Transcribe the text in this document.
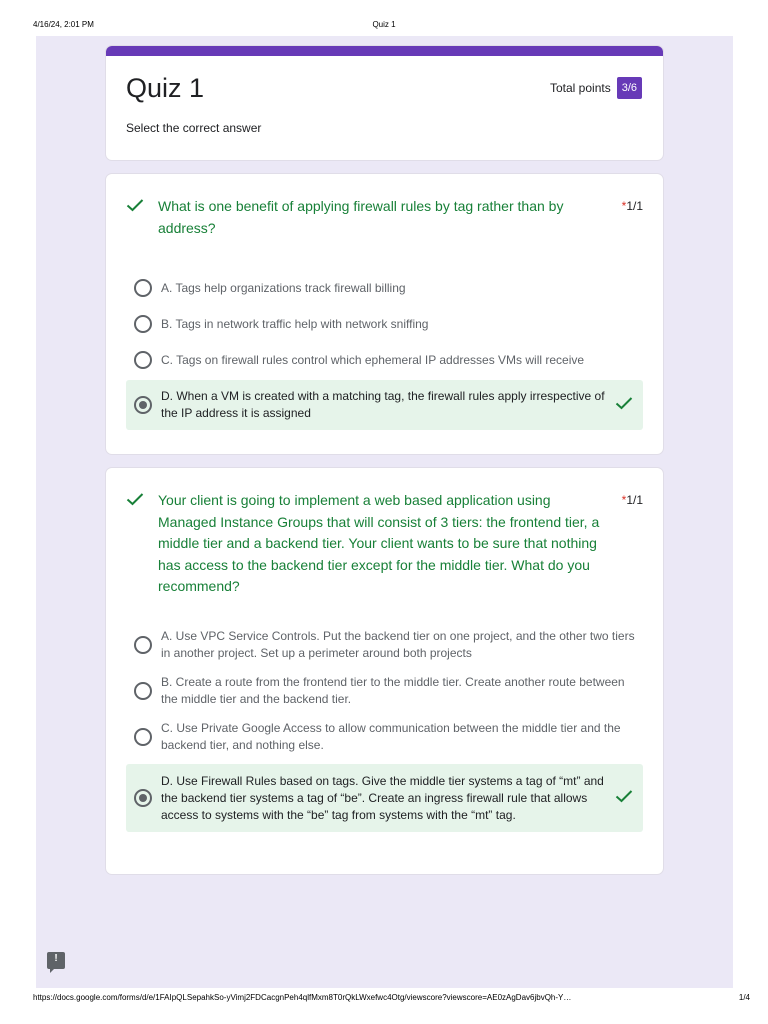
4/16/24, 2:01 PM	Quiz 1
Quiz 1
Select the correct answer
Total points	3/6
What is one benefit of applying firewall rules by tag rather than by address?
*1/1
A. Tags help organizations track firewall billing
B. Tags in network traffic help with network sniffing
C. Tags on firewall rules control which ephemeral IP addresses VMs will receive
D. When a VM is created with a matching tag, the firewall rules apply irrespective of the IP address it is assigned
Your client is going to implement a web based application using Managed Instance Groups that will consist of 3 tiers: the frontend tier, a middle tier and a backend tier. Your client wants to be sure that nothing has access to the backend tier except for the middle tier. What do you recommend?
*1/1
A. Use VPC Service Controls. Put the backend tier on one project, and the other two tiers in another project. Set up a perimeter around both projects
B. Create a route from the frontend tier to the middle tier. Create another route between the middle tier and the backend tier.
C. Use Private Google Access to allow communication between the middle tier and the backend tier, and nothing else.
D. Use Firewall Rules based on tags. Give the middle tier systems a tag of “mt” and the backend tier systems a tag of “be”. Create an ingress firewall rule that allows access to systems with the “be” tag from systems with the “mt” tag.
!
https://docs.google.com/forms/d/e/1FAIpQLSepahkSo-yVimj2FDCacgnPeh4qlfMxm8T0rQkLWxefwc4Otg/viewscore?viewscore=AE0zAgDav6jbvQh-Y…	1/4
